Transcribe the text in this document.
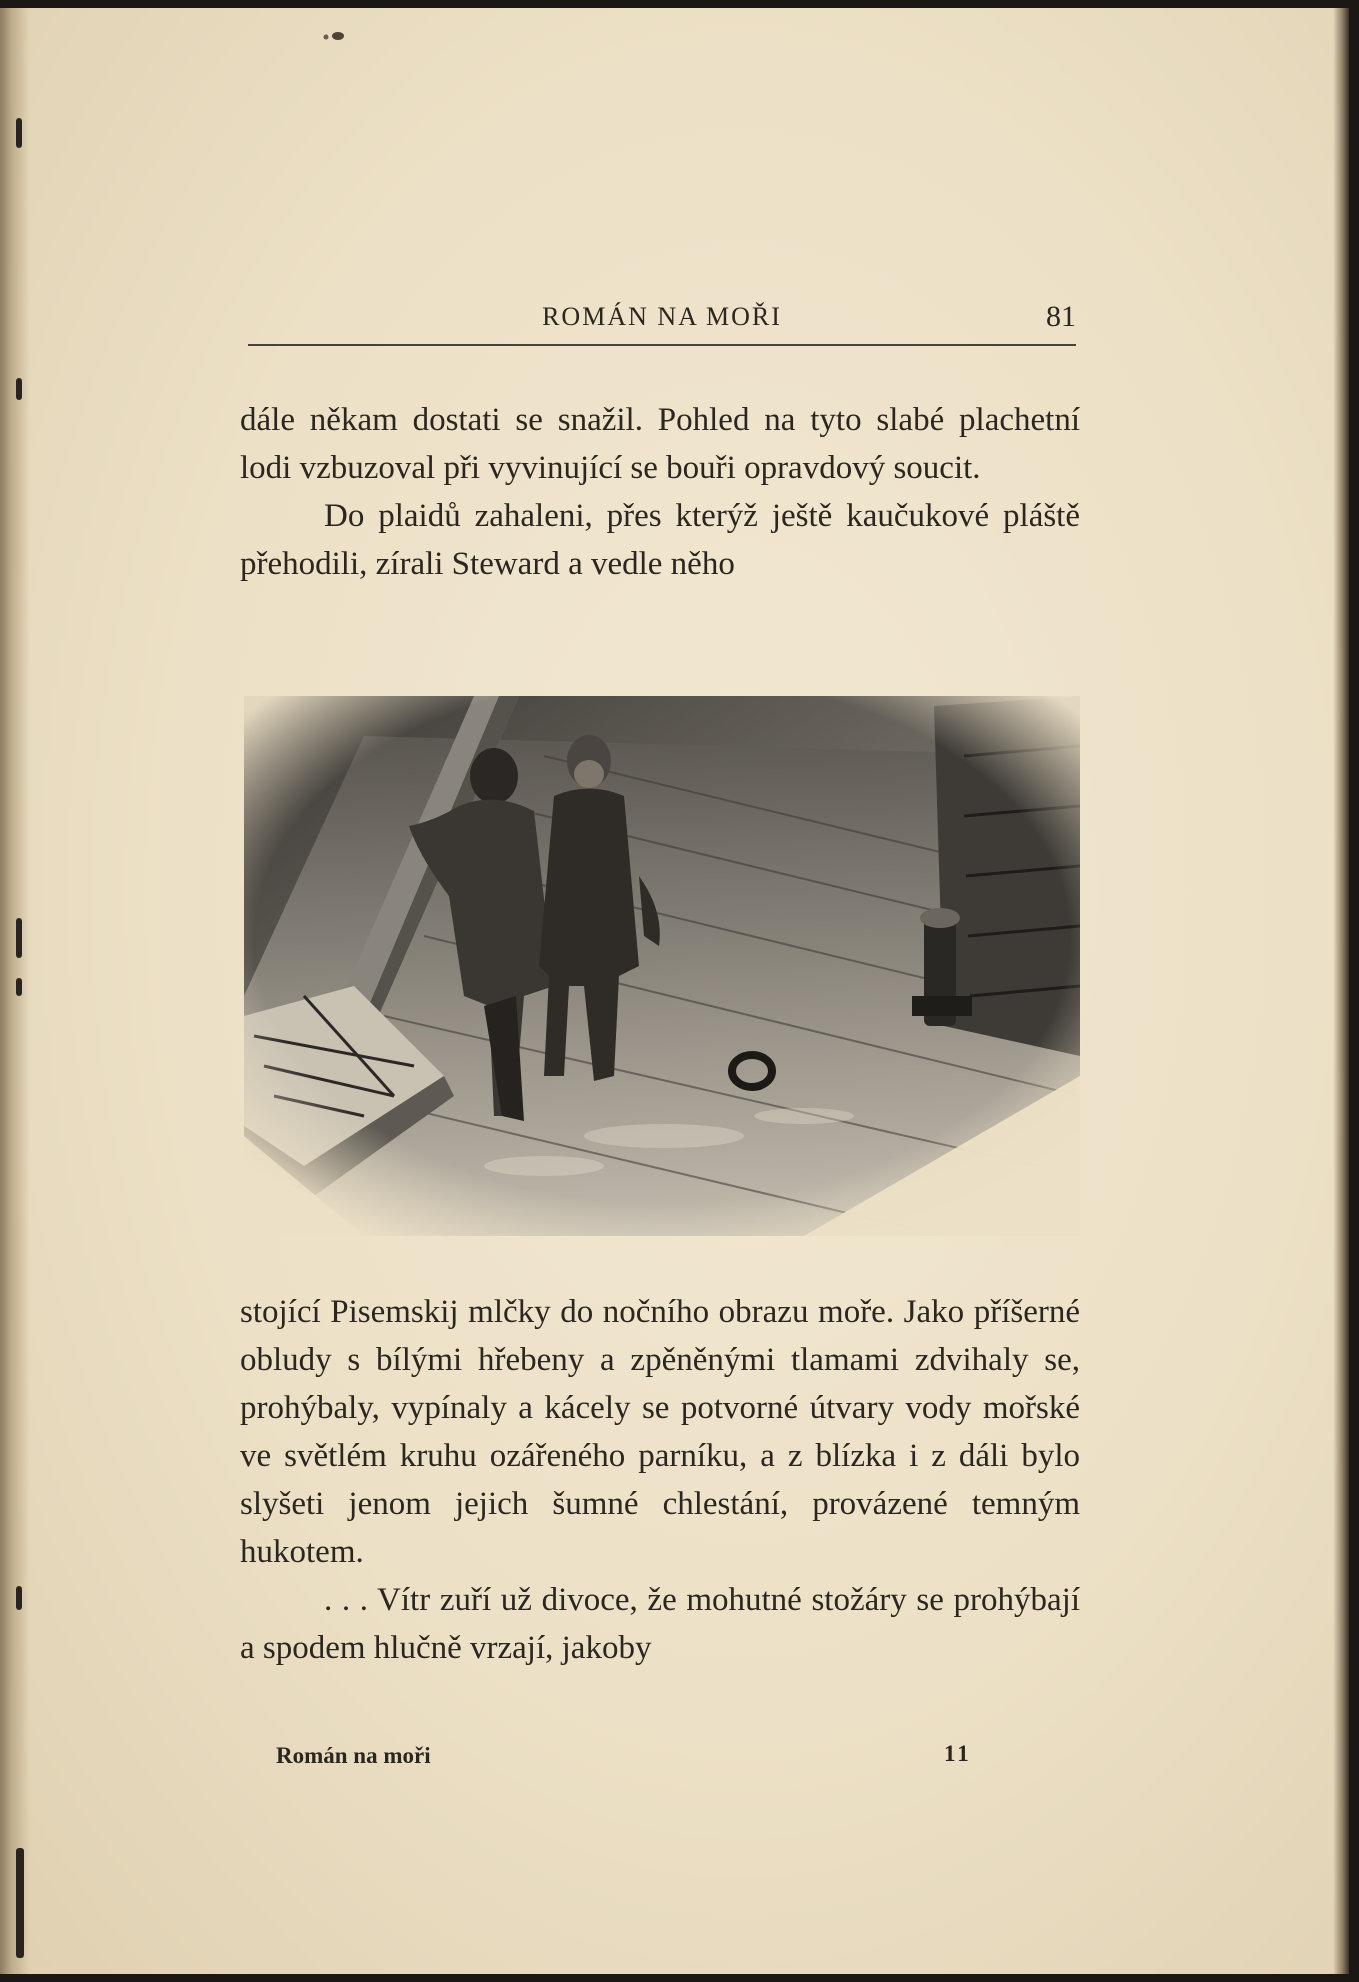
ROMÁN NA MOŘI	81

dále někam dostati se snažil. Pohled na tyto slabé plachetní lodi vzbuzoval při vyvinující se bouři opravdový soucit.

Do plaidů zahaleni, přes kterýž ještě kaučukové pláště přehodili, zírali Steward a vedle něho

stojící Pisemskij mlčky do nočního obrazu moře. Jako příšerné obludy s bílými hřebeny a zpěněnými tlamami zdvihaly se, prohýbaly, vypínaly a kácely se potvorné útvary vody mořské ve světlém kruhu ozářeného parníku, a z blízka i z dáli bylo slyšeti jenom jejich šumné chlestání, provázené temným hukotem.

. . . Vítr zuří už divoce, že mohutné stožáry se prohýbají a spodem hlučně vrzají, jakoby

Román na moři	11
